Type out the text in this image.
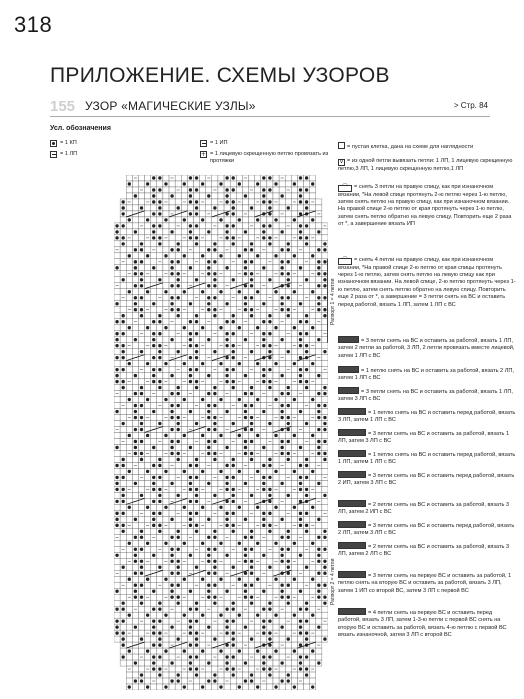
318
ПРИЛОЖЕНИЕ. СХЕМЫ УЗОРОВ
155 УЗОР «МАГИЧЕСКИЕ УЗЛЫ»	> Стр. 84
Усл. обозначения
= 1 КП
= 1 ЛП
= 1 ИП
+ = 1 лицевую скрещенную петлю провязать из протяжки
Раппорт 1 = 4 петли
Раппорт 2 = 4 петли
= пустая клетка, дана на схеме для наглядности
v = из одной петли вывязать петли: 1 ЛП, 1 лицевую скрещенную петлю,3 ЛП, 1 лицевую скрещенную петлю,1 ЛП
⌒ = снять 3 петли на правую спицу, как при изнаночном вязании, *На левой спице протянуть 2-ю петлю через 1-ю петлю, затем снять петлю на правую спицу, как при изнаночном вязании. На правой спице 2-ю петлю от края протянуть через 1-ю петлю, затем снять петлю обратно на левую спицу. Повторить еще 2 раза от *, а завершение вязать ИП
⌒ = снять 4 петли на правую спицу, как при изнаночном вязании, *На правой спице 2-ю петлю от края спицы протянуть через 1-ю петлю, затем снять петлю на левую спицу как при изнаночном вязании. На левой спице, 2-ю петлю протянуть через 1-ю петлю, затем снять петлю обратно на левую спицу. Повторить еще 2 раза от *, а завершение = 3 петли снять на ВС и оставить перед работой, вязать 1 ЛП, затем 1 ЛП с ВС
= 3 петли снять на ВС и оставить за работой, вязать 1 ЛП, затем 2 петли за работой, 3 ЛП, 2 петли провязать вместе лицевой, затем 1 ЛП с ВС
= 1 петлю снять на ВС и оставить за работой, вязать 2 ЛП, затем 1 ЛП с ВС
= 3 петли снять на ВС и оставить за работой, вязать 1 ЛП, затем 3 ЛП с ВС
= 1 петлю снять на ВС и оставить перед работой, вязать 3 ЛП, затем 1 ЛП с ВС
= 3 петли снять на ВС и оставить за работой, вязать 1 ЛП, затем 3 ЛП с ВС
= 1 петлю снять на ВС и оставить перед работой, вязать 1 ЛП, затем 1 ЛП с ВС
= 3 петли снять на ВС и оставить перед работой, вязать 2 ИП, затем 3 ЛП с ВС
= 2 петли снять на ВС и оставить за работой, вязать 3 ЛП, затем 2 ИП с ВС
= 3 петли снять на ВС и оставить перед работой, вязать 2 ЛП, затем 3 ЛП с ВС
= 2 петли снять на ВС и оставить за работой, вязать 3 ЛП, затем 2 ЛП с ВС
= 3 петли снять на первую ВС и оставить за работой, 1 петлю снять на вторую ВС и оставить за работой, вязать 3 ЛП, затем 1 ИП со второй ВС, затем 3 ЛП с первой ВС
= 4 петли снять на первую ВС и оставить перед работой, вязать 3 ЛП, затем 1-3-ю петли с первой ВС снять на вторую ВС и оставить за работой, вязать 4-ю петлю с первой ВС вязать изнаночной, затем 3 ЛП с второй ВС
